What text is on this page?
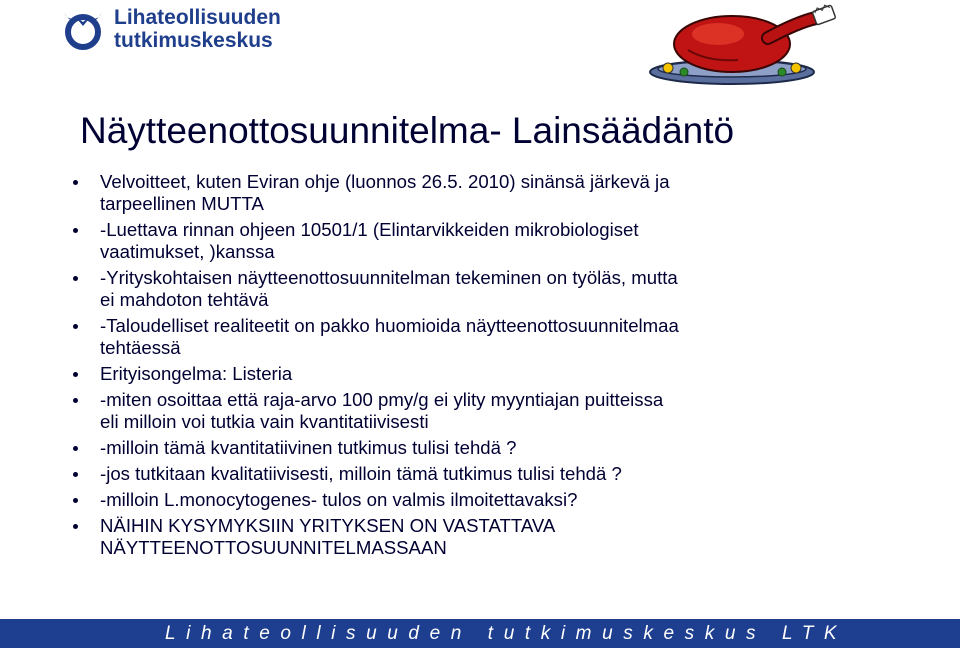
Lihateollisuuden
tutkimuskeskus
Näytteenottosuunnitelma- Lainsäädäntö
Velvoitteet, kuten Eviran ohje (luonnos 26.5. 2010) sinänsä järkevä ja
tarpeellinen MUTTA
-Luettava rinnan ohjeen 10501/1 (Elintarvikkeiden mikrobiologiset
vaatimukset, )kanssa
-Yrityskohtaisen näytteenottosuunnitelman tekeminen on työläs, mutta
ei mahdoton tehtävä
-Taloudelliset realiteetit on pakko huomioida näytteenottosuunnitelmaa
tehtäessä
Erityisongelma: Listeria
-miten osoittaa että raja-arvo 100 pmy/g ei ylity myyntiajan puitteissa
eli milloin voi tutkia vain kvantitatiivisesti
-milloin tämä kvantitatiivinen tutkimus tulisi tehdä ?
-jos tutkitaan kvalitatiivisesti, milloin tämä tutkimus tulisi tehdä ?
-milloin L.monocytogenes- tulos on valmis ilmoitettavaksi?
NÄIHIN KYSYMYKSIIN YRITYKSEN ON VASTATTAVA
NÄYTTEENOTTOSUUNNITELMASSAAN
Lihateollisuuden tutkimuskeskus LTK
